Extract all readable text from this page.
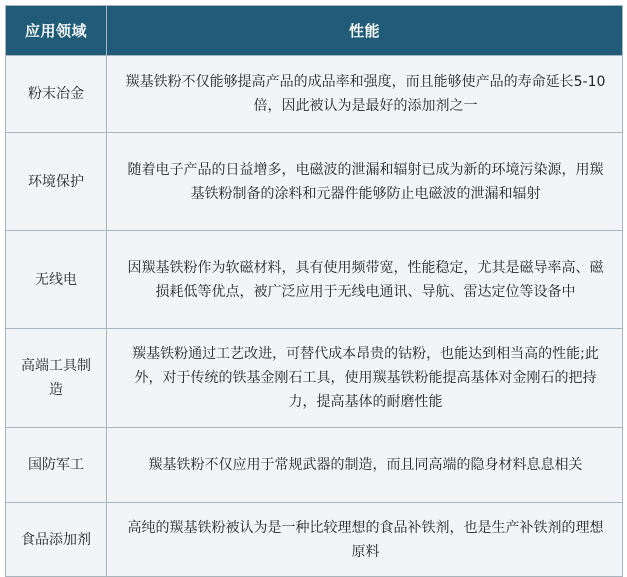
应用领域	性能
粉末冶金	羰基铁粉不仅能够提高产品的成品率和强度，而且能够使产品的寿命延长5-10倍，因此被认为是最好的添加剂之一
环境保护	随着电子产品的日益增多，电磁波的泄漏和辐射已成为新的环境污染源，用羰基铁粉制备的涂料和元器件能够防止电磁波的泄漏和辐射
无线电	因羰基铁粉作为软磁材料，具有使用频带宽，性能稳定，尤其是磁导率高、磁损耗低等优点，被广泛应用于无线电通讯、导航、雷达定位等设备中
高端工具制造	羰基铁粉通过工艺改进，可替代成本昂贵的钴粉，也能达到相当高的性能;此外，对于传统的铁基金刚石工具，使用羰基铁粉能提高基体对金刚石的把持力，提高基体的耐磨性能
国防军工	羰基铁粉不仅应用于常规武器的制造，而且同高端的隐身材料息息相关
食品添加剂	高纯的羰基铁粉被认为是一种比较理想的食品补铁剂，也是生产补铁剂的理想原料
